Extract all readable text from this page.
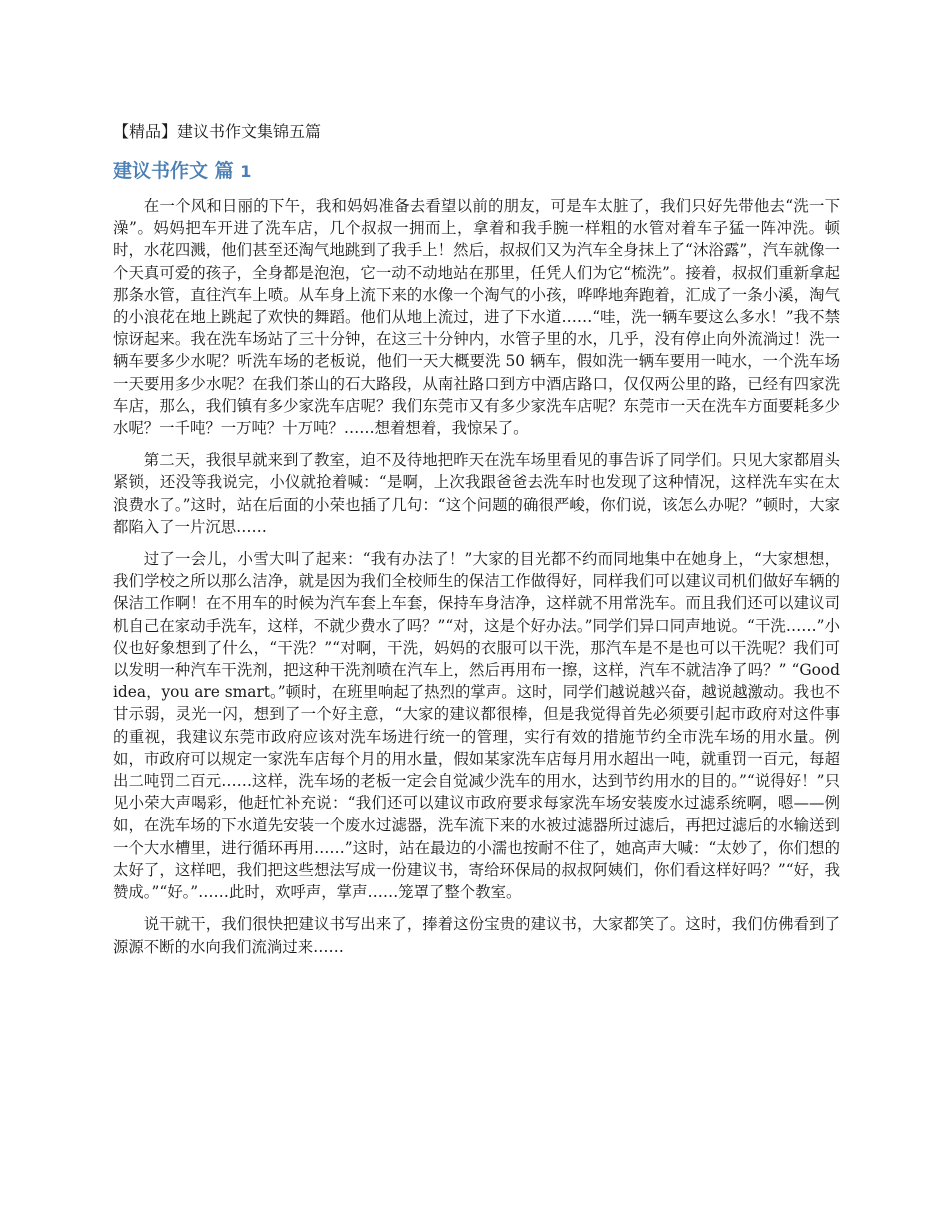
【精品】建议书作文集锦五篇
建议书作文 篇 1

在一个风和日丽的下午，我和妈妈准备去看望以前的朋友，可是车太脏了，我们只好先带他去“洗一下澡”。妈妈把车开进了洗车店，几个叔叔一拥而上，拿着和我手腕一样粗的水管对着车子猛一阵冲洗。顿时，水花四溅，他们甚至还淘气地跳到了我手上！然后，叔叔们又为汽车全身抹上了“沐浴露”，汽车就像一个天真可爱的孩子，全身都是泡泡，它一动不动地站在那里，任凭人们为它“梳洗”。接着，叔叔们重新拿起那条水管，直往汽车上喷。从车身上流下来的水像一个淘气的小孩，哗哗地奔跑着，汇成了一条小溪，淘气的小浪花在地上跳起了欢快的舞蹈。他们从地上流过，进了下水道……“哇，洗一辆车要这么多水！”我不禁惊讶起来。我在洗车场站了三十分钟，在这三十分钟内，水管子里的水，几乎，没有停止向外流淌过！洗一辆车要多少水呢？听洗车场的老板说，他们一天大概要洗 50 辆车，假如洗一辆车要用一吨水，一个洗车场一天要用多少水呢？在我们茶山的石大路段，从南社路口到方中酒店路口，仅仅两公里的路，已经有四家洗车店，那么，我们镇有多少家洗车店呢？我们东莞市又有多少家洗车店呢？东莞市一天在洗车方面要耗多少水呢？一千吨？一万吨？十万吨？……想着想着，我惊呆了。

第二天，我很早就来到了教室，迫不及待地把昨天在洗车场里看见的事告诉了同学们。只见大家都眉头紧锁，还没等我说完，小仪就抢着喊：“是啊，上次我跟爸爸去洗车时也发现了这种情况，这样洗车实在太浪费水了。”这时，站在后面的小荣也插了几句：“这个问题的确很严峻，你们说，该怎么办呢？”顿时，大家都陷入了一片沉思……

过了一会儿，小雪大叫了起来：“我有办法了！”大家的目光都不约而同地集中在她身上，“大家想想，我们学校之所以那么洁净，就是因为我们全校师生的保洁工作做得好，同样我们可以建议司机们做好车辆的保洁工作啊！在不用车的时候为汽车套上车套，保持车身洁净，这样就不用常洗车。而且我们还可以建议司机自己在家动手洗车，这样，不就少费水了吗？”“对，这是个好办法。”同学们异口同声地说。“干洗……”小仪也好象想到了什么，“干洗？”“对啊，干洗，妈妈的衣服可以干洗，那汽车是不是也可以干洗呢？我们可以发明一种汽车干洗剂，把这种干洗剂喷在汽车上，然后再用布一擦，这样，汽车不就洁净了吗？” “Good idea，you are smart。”顿时，在班里响起了热烈的掌声。这时，同学们越说越兴奋，越说越激动。我也不甘示弱，灵光一闪，想到了一个好主意，“大家的建议都很棒，但是我觉得首先必须要引起市政府对这件事的重视，我建议东莞市政府应该对洗车场进行统一的管理，实行有效的措施节约全市洗车场的用水量。例如，市政府可以规定一家洗车店每个月的用水量，假如某家洗车店每月用水超出一吨，就重罚一百元，每超出二吨罚二百元……这样，洗车场的老板一定会自觉减少洗车的用水，达到节约用水的目的。”“说得好！”只见小荣大声喝彩，他赶忙补充说：“我们还可以建议市政府要求每家洗车场安装废水过滤系统啊，嗯——例如，在洗车场的下水道先安装一个废水过滤器，洗车流下来的水被过滤器所过滤后，再把过滤后的水输送到一个大水槽里，进行循环再用……”这时，站在最边的小濡也按耐不住了，她高声大喊：“太妙了，你们想的太好了，这样吧，我们把这些想法写成一份建议书，寄给环保局的叔叔阿姨们，你们看这样好吗？”“好，我赞成。”“好。”……此时，欢呼声，掌声……笼罩了整个教室。

说干就干，我们很快把建议书写出来了，捧着这份宝贵的建议书，大家都笑了。这时，我们仿佛看到了源源不断的水向我们流淌过来……
